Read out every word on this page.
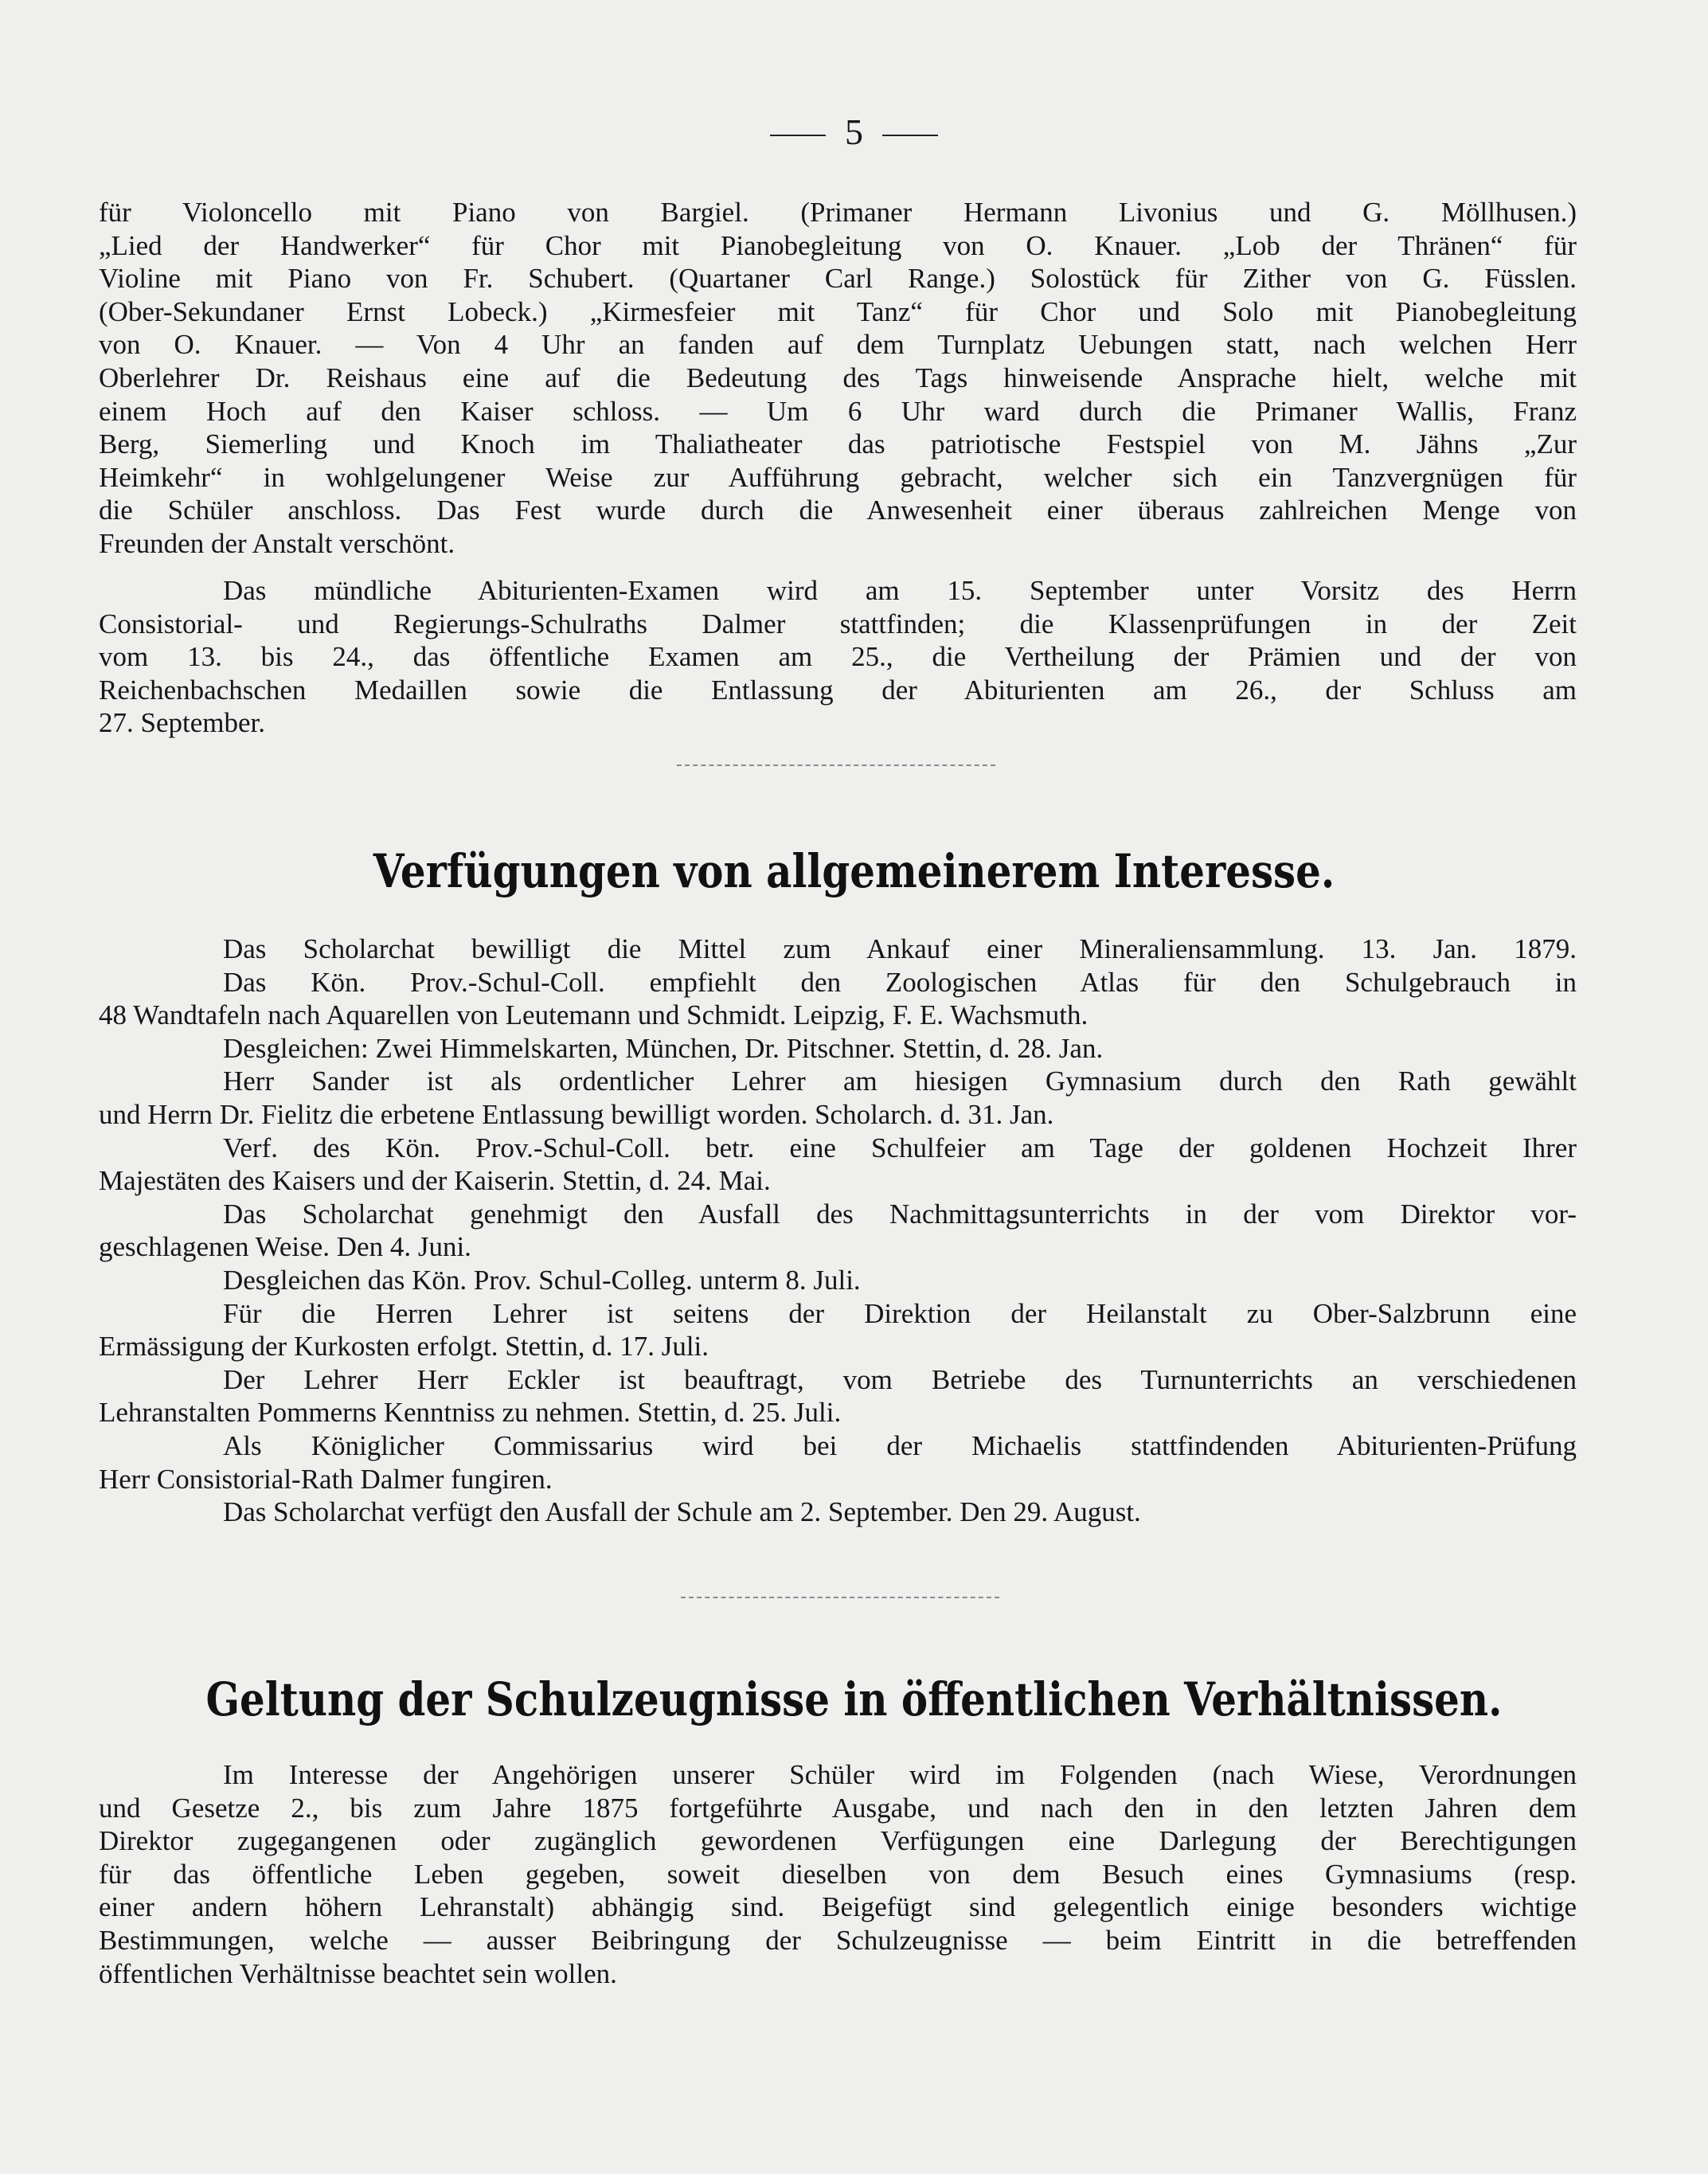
5

für Violoncello mit Piano von Bargiel. (Primaner Hermann Livonius und G. Möllhusen.)

„Lied der Handwerker“ für Chor mit Pianobegleitung von O. Knauer. „Lob der Thränen“ für

Violine mit Piano von Fr. Schubert. (Quartaner Carl Range.) Solostück für Zither von G. Füsslen.

(Ober-Sekundaner Ernst Lobeck.) „Kirmesfeier mit Tanz“ für Chor und Solo mit Pianobegleitung

von O. Knauer. — Von 4 Uhr an fanden auf dem Turnplatz Uebungen statt, nach welchen Herr

Oberlehrer Dr. Reishaus eine auf die Bedeutung des Tags hinweisende Ansprache hielt, welche mit

einem Hoch auf den Kaiser schloss. — Um 6 Uhr ward durch die Primaner Wallis, Franz

Berg, Siemerling und Knoch im Thaliatheater das patriotische Festspiel von M. Jähns „Zur

Heimkehr“ in wohlgelungener Weise zur Aufführung gebracht, welcher sich ein Tanzvergnügen für

die Schüler anschloss. Das Fest wurde durch die Anwesenheit einer überaus zahlreichen Menge von

Freunden der Anstalt verschönt.

Das mündliche Abiturienten-Examen wird am 15. September unter Vorsitz des Herrn

Consistorial- und Regierungs-Schulraths Dalmer stattfinden; die Klassenprüfungen in der Zeit

vom 13. bis 24., das öffentliche Examen am 25., die Vertheilung der Prämien und der von

Reichenbachschen Medaillen sowie die Entlassung der Abiturienten am 26., der Schluss am

27. September.

Verfügungen von allgemeinerem Interesse.

Das Scholarchat bewilligt die Mittel zum Ankauf einer Mineraliensammlung. 13. Jan. 1879.

Das Kön. Prov.-Schul-Coll. empfiehlt den Zoologischen Atlas für den Schulgebrauch in

48 Wandtafeln nach Aquarellen von Leutemann und Schmidt. Leipzig, F. E. Wachsmuth.

Desgleichen: Zwei Himmelskarten, München, Dr. Pitschner. Stettin, d. 28. Jan.

Herr Sander ist als ordentlicher Lehrer am hiesigen Gymnasium durch den Rath gewählt

und Herrn Dr. Fielitz die erbetene Entlassung bewilligt worden. Scholarch. d. 31. Jan.

Verf. des Kön. Prov.-Schul-Coll. betr. eine Schulfeier am Tage der goldenen Hochzeit Ihrer

Majestäten des Kaisers und der Kaiserin. Stettin, d. 24. Mai.

Das Scholarchat genehmigt den Ausfall des Nachmittagsunterrichts in der vom Direktor vor-

geschlagenen Weise. Den 4. Juni.

Desgleichen das Kön. Prov. Schul-Colleg. unterm 8. Juli.

Für die Herren Lehrer ist seitens der Direktion der Heilanstalt zu Ober-Salzbrunn eine

Ermässigung der Kurkosten erfolgt. Stettin, d. 17. Juli.

Der Lehrer Herr Eckler ist beauftragt, vom Betriebe des Turnunterrichts an verschiedenen

Lehranstalten Pommerns Kenntniss zu nehmen. Stettin, d. 25. Juli.

Als Königlicher Commissarius wird bei der Michaelis stattfindenden Abiturienten-Prüfung

Herr Consistorial-Rath Dalmer fungiren.

Das Scholarchat verfügt den Ausfall der Schule am 2. September. Den 29. August.

Geltung der Schulzeugnisse in öffentlichen Verhältnissen.

Im Interesse der Angehörigen unserer Schüler wird im Folgenden (nach Wiese, Verordnungen

und Gesetze 2., bis zum Jahre 1875 fortgeführte Ausgabe, und nach den in den letzten Jahren dem

Direktor zugegangenen oder zugänglich gewordenen Verfügungen eine Darlegung der Berechtigungen

für das öffentliche Leben gegeben, soweit dieselben von dem Besuch eines Gymnasiums (resp.

einer andern höhern Lehranstalt) abhängig sind. Beigefügt sind gelegentlich einige besonders wichtige

Bestimmungen, welche — ausser Beibringung der Schulzeugnisse — beim Eintritt in die betreffenden

öffentlichen Verhältnisse beachtet sein wollen.
